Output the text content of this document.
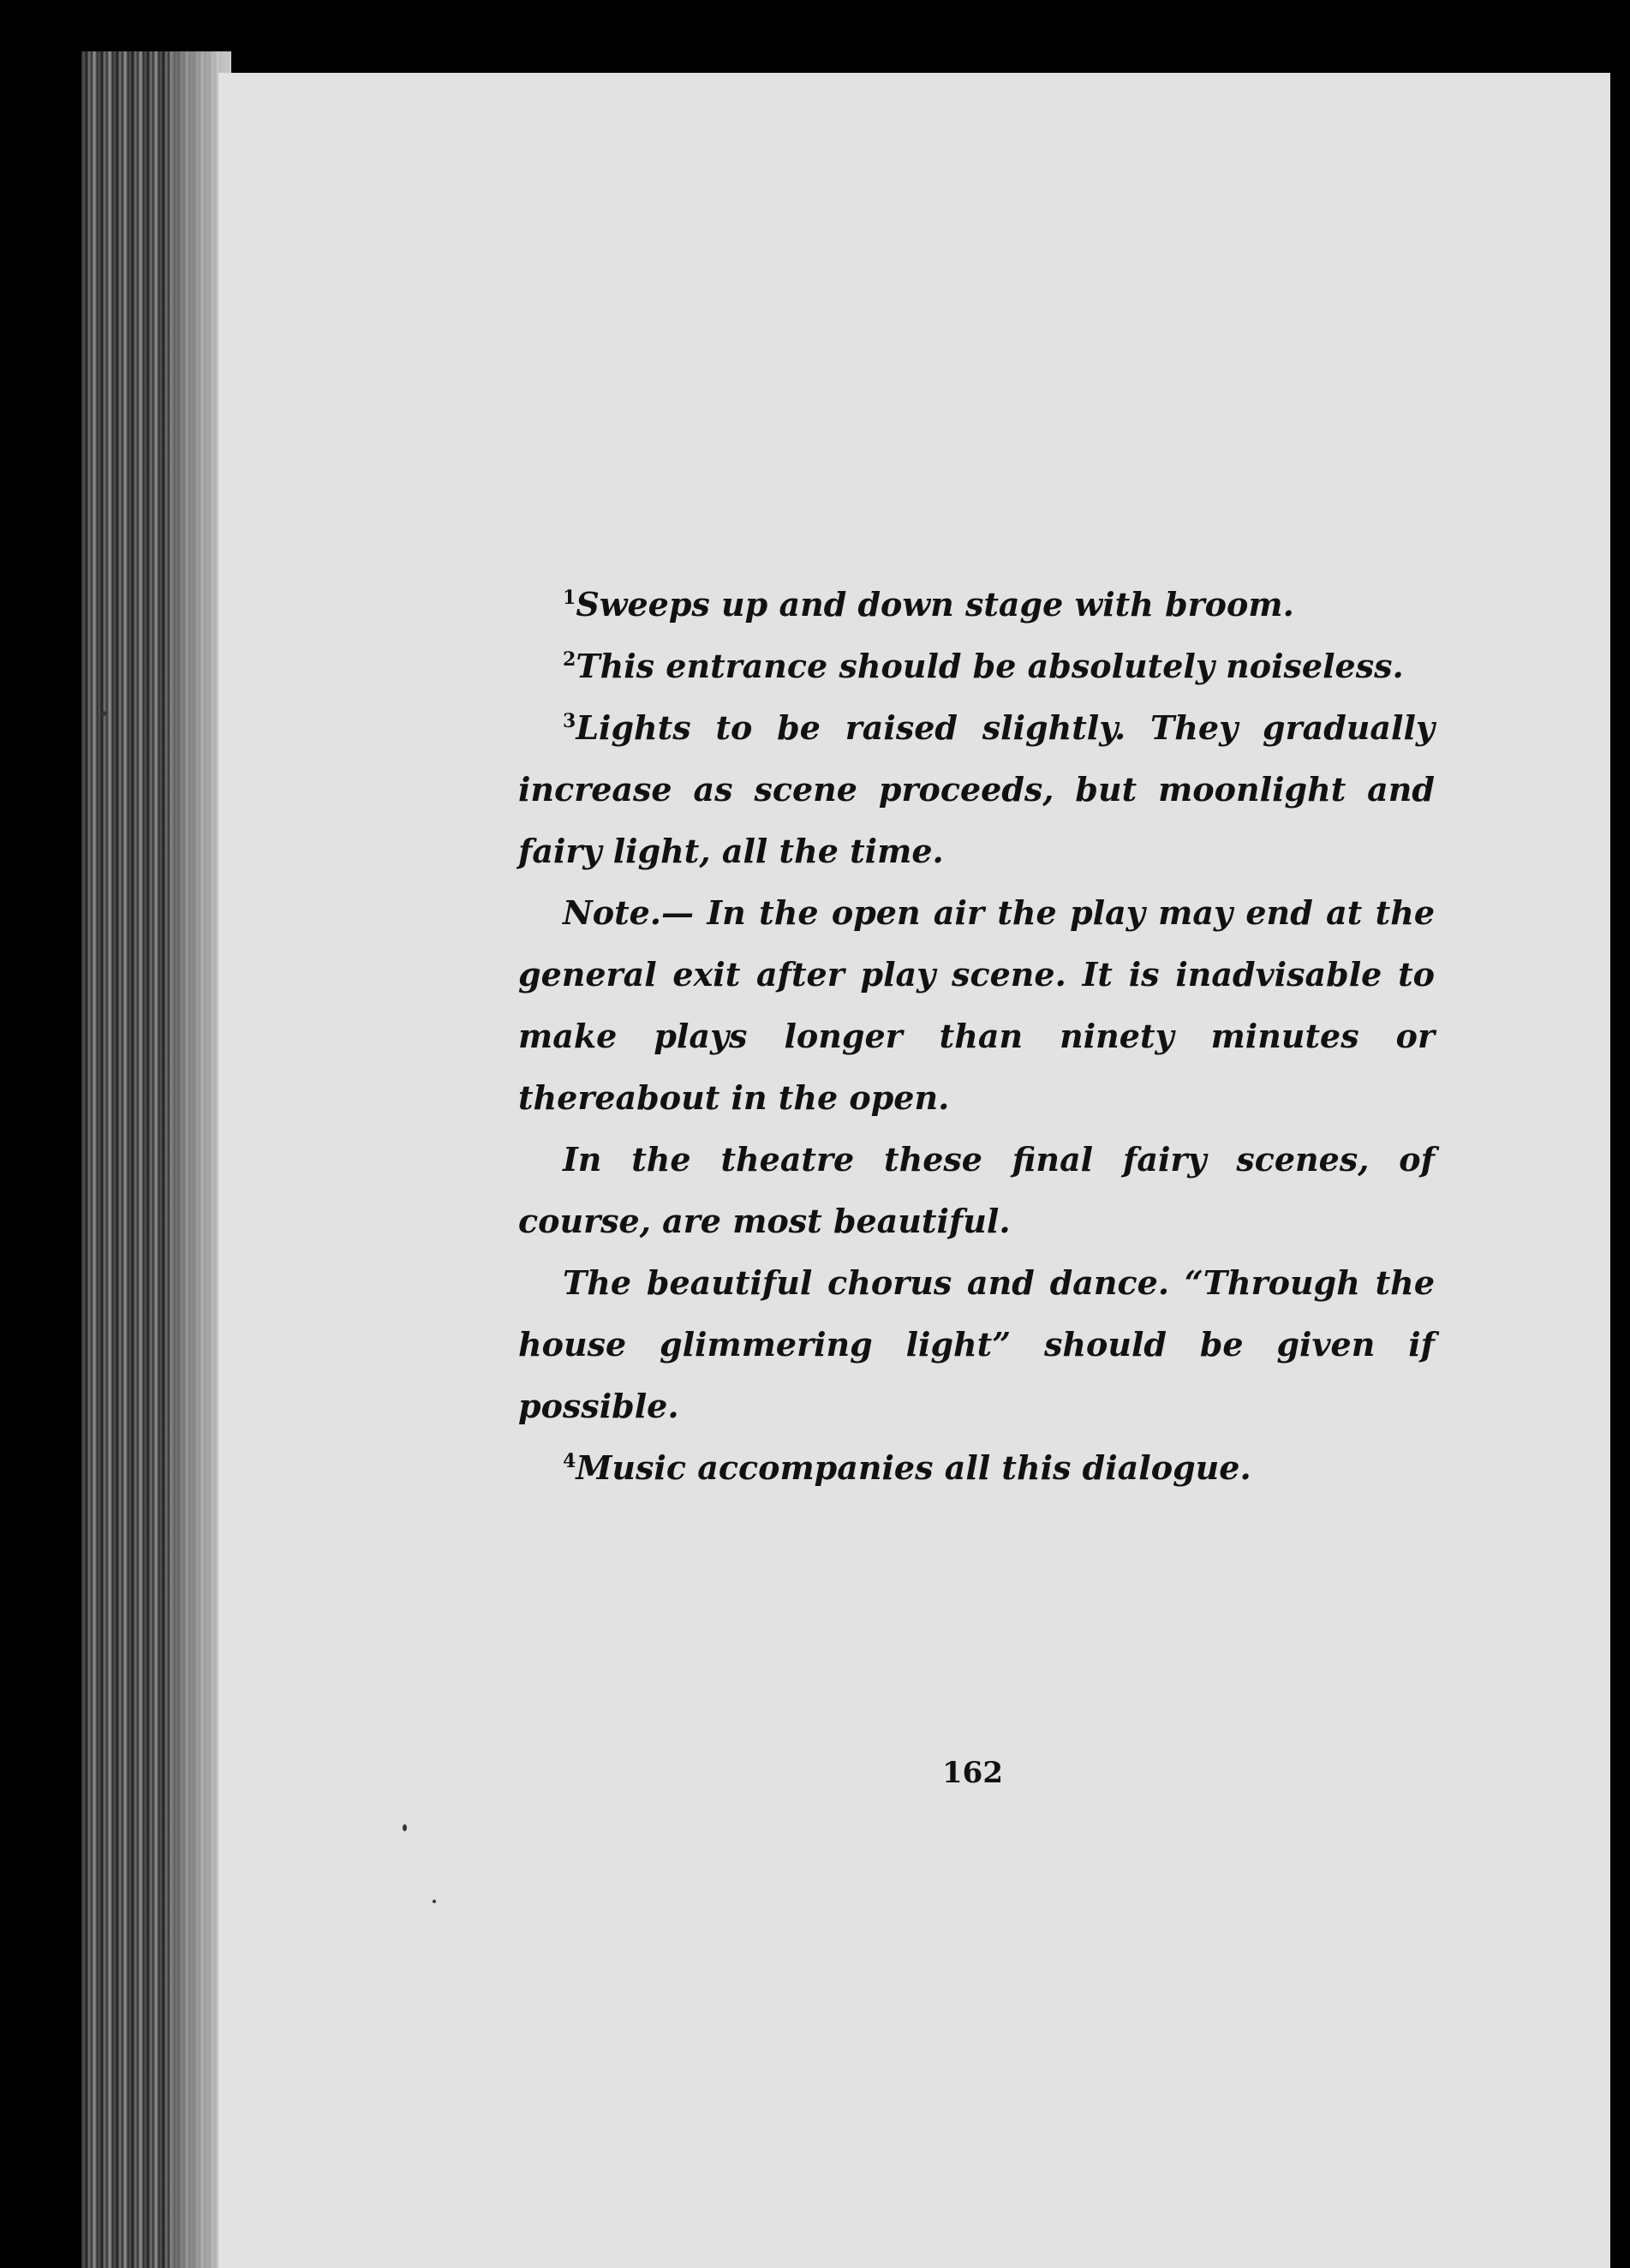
$^1$Sweeps up and down stage with broom.

$^2$This entrance should be absolutely noiseless.

$^3$Lights to be raised slightly. They gradually increase as scene proceeds, but moonlight and fairy light, all the time.

Note.— In the open air the play may end at the general exit after play scene. It is inadvisable to make plays longer than ninety minutes or thereabout in the open.

In the theatre these final fairy scenes, of course, are most beautiful.

The beautiful chorus and dance. “Through the house glimmering light” should be given if possible.

$^4$Music accompanies all this dialogue.

162
